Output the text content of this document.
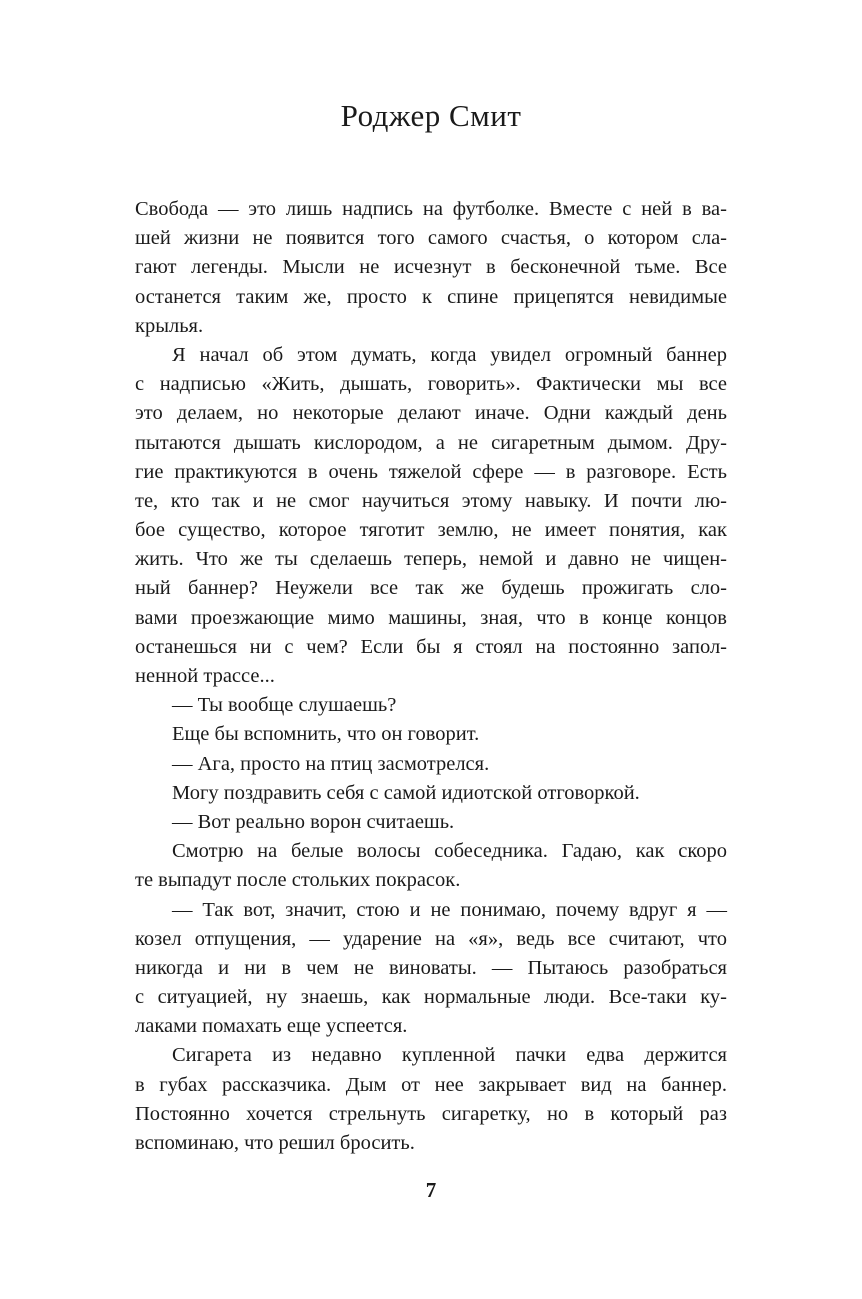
Роджер Смит
Свобода — это лишь надпись на футболке. Вместе с ней в ва-
шей жизни не появится того самого счастья, о котором сла-
гают легенды. Мысли не исчезнут в бесконечной тьме. Все
останется таким же, просто к спине прицепятся невидимые
крылья.
Я начал об этом думать, когда увидел огромный баннер
с надписью «Жить, дышать, говорить». Фактически мы все
это делаем, но некоторые делают иначе. Одни каждый день
пытаются дышать кислородом, а не сигаретным дымом. Дру-
гие практикуются в очень тяжелой сфере — в разговоре. Есть
те, кто так и не смог научиться этому навыку. И почти лю-
бое существо, которое тяготит землю, не имеет понятия, как
жить. Что же ты сделаешь теперь, немой и давно не чищен-
ный баннер? Неужели все так же будешь прожигать сло-
вами проезжающие мимо машины, зная, что в конце концов
останешься ни с чем? Если бы я стоял на постоянно запол-
ненной трассе...
— Ты вообще слушаешь?
Еще бы вспомнить, что он говорит.
— Ага, просто на птиц засмотрелся.
Могу поздравить себя с самой идиотской отговоркой.
— Вот реально ворон считаешь.
Смотрю на белые волосы собеседника. Гадаю, как скоро
те выпадут после стольких покрасок.
— Так вот, значит, стою и не понимаю, почему вдруг я —
козел отпущения, — ударение на «я», ведь все считают, что
никогда и ни в чем не виноваты. — Пытаюсь разобраться
с ситуацией, ну знаешь, как нормальные люди. Все-таки ку-
лаками помахать еще успеется.
Сигарета из недавно купленной пачки едва держится
в губах рассказчика. Дым от нее закрывает вид на баннер.
Постоянно хочется стрельнуть сигаретку, но в который раз
вспоминаю, что решил бросить.
7
